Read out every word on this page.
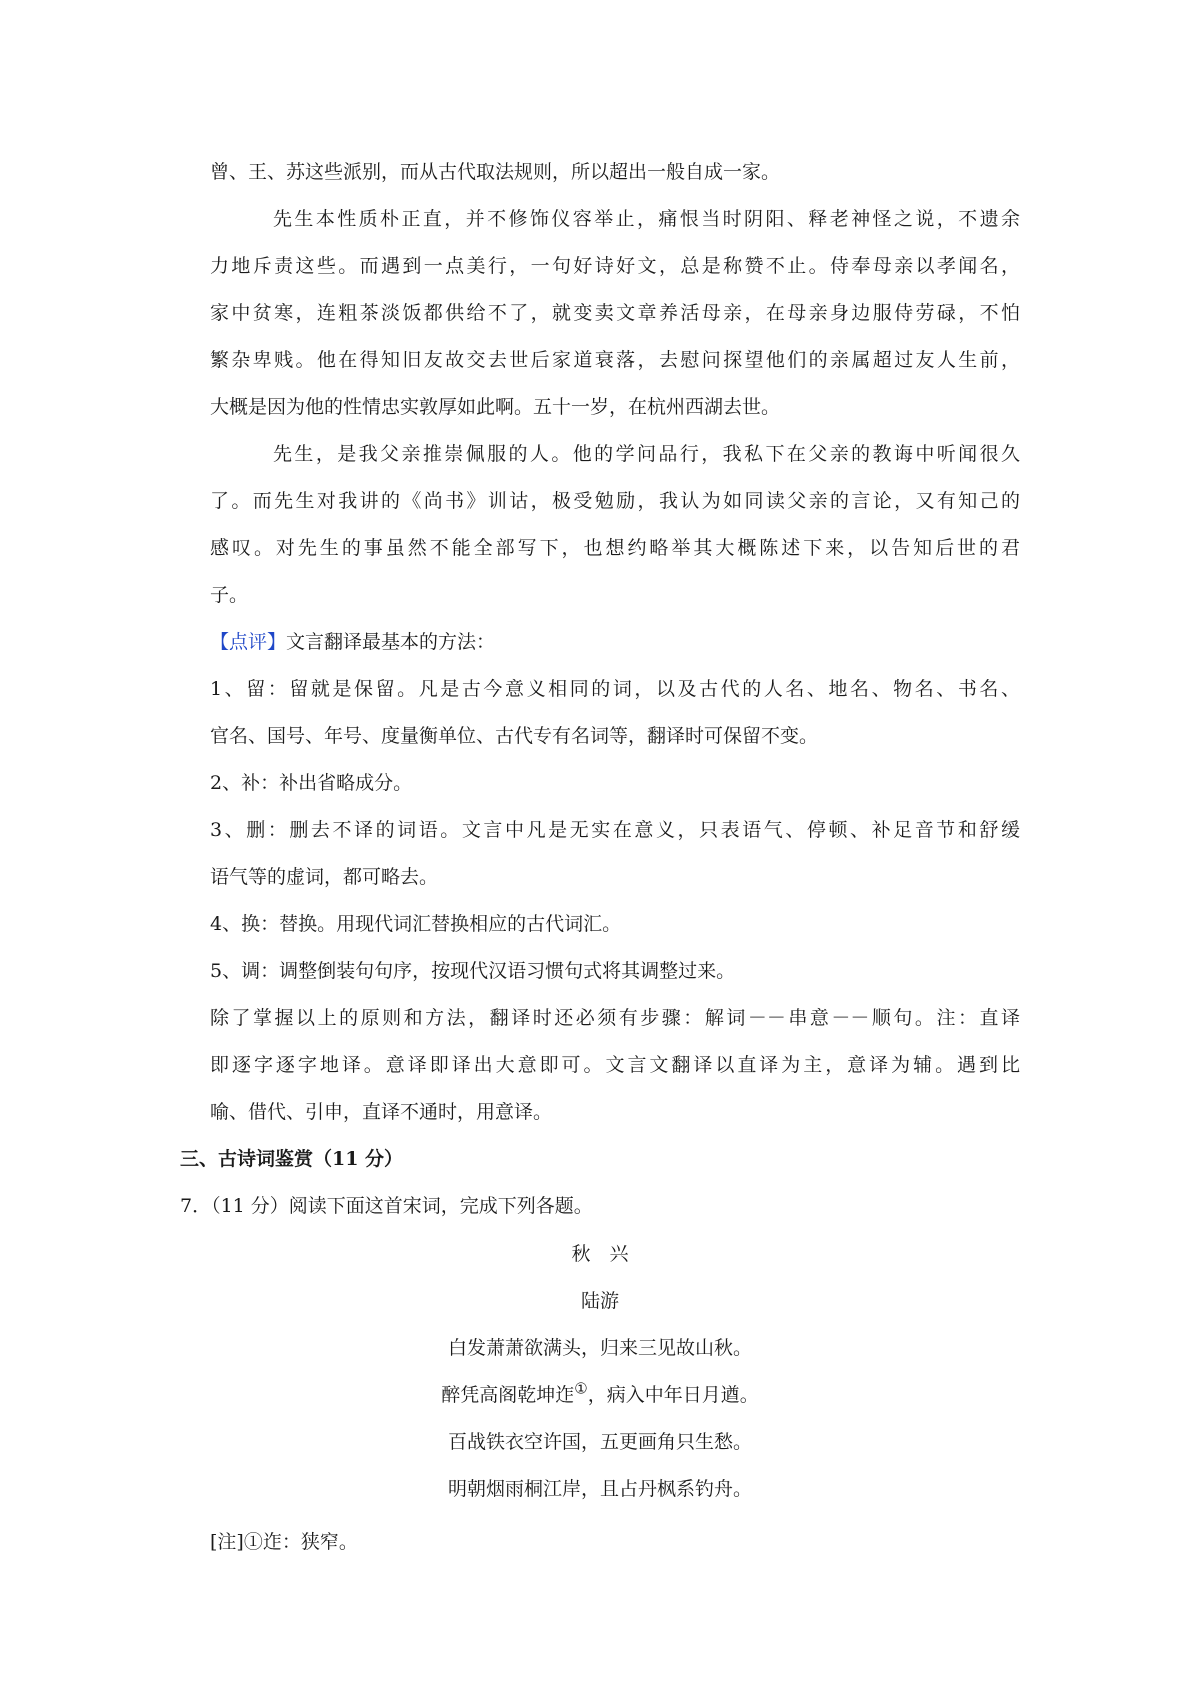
曾、王、苏这些派别，而从古代取法规则，所以超出一般自成一家。
先生本性质朴正直，并不修饰仪容举止，痛恨当时阴阳、释老神怪之说，不遗余
力地斥责这些。而遇到一点美行，一句好诗好文，总是称赞不止。侍奉母亲以孝闻名，
家中贫寒，连粗茶淡饭都供给不了，就变卖文章养活母亲，在母亲身边服侍劳碌，不怕
繁杂卑贱。他在得知旧友故交去世后家道衰落，去慰问探望他们的亲属超过友人生前，
大概是因为他的性情忠实敦厚如此啊。五十一岁，在杭州西湖去世。
先生，是我父亲推崇佩服的人。他的学问品行，我私下在父亲的教诲中听闻很久
了。而先生对我讲的《尚书》训诂，极受勉励，我认为如同读父亲的言论，又有知己的
感叹。对先生的事虽然不能全部写下，也想约略举其大概陈述下来，以告知后世的君
子。
【点评】文言翻译最基本的方法：
1、留：留就是保留。凡是古今意义相同的词，以及古代的人名、地名、物名、书名、
官名、国号、年号、度量衡单位、古代专有名词等，翻译时可保留不变。
2、补：补出省略成分。
3、删：删去不译的词语。文言中凡是无实在意义，只表语气、停顿、补足音节和舒缓
语气等的虚词，都可略去。
4、换：替换。用现代词汇替换相应的古代词汇。
5、调：调整倒装句句序，按现代汉语习惯句式将其调整过来。
除了掌握以上的原则和方法，翻译时还必须有步骤：解词－－串意－－顺句。注：直译
即逐字逐字地译。意译即译出大意即可。文言文翻译以直译为主，意译为辅。遇到比
喻、借代、引申，直译不通时，用意译。
三、古诗词鉴赏（11 分）
7．（11 分）阅读下面这首宋词，完成下列各题。
秋　兴
陆游
白发萧萧欲满头，归来三见故山秋。
醉凭高阁乾坤迮①，病入中年日月遒。
百战铁衣空许国，五更画角只生愁。
明朝烟雨桐江岸，且占丹枫系钓舟。
[注]①迮：狭窄。
